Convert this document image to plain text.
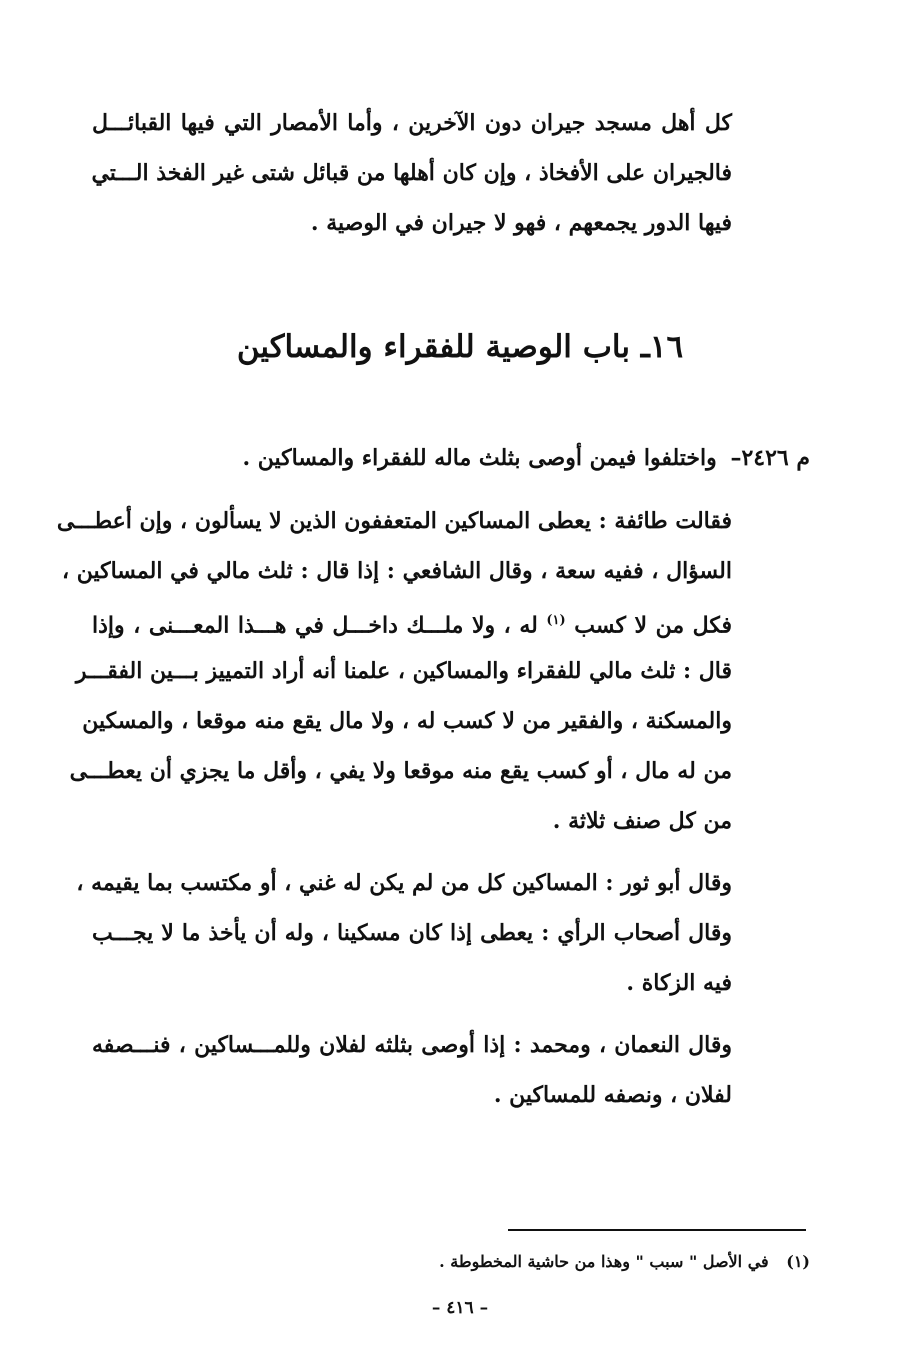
كل أهل مسجد جيران دون الآخرين ، وأما الأمصار التي فيها القبائـــل
فالجيران على الأفخاذ ، وإن كان أهلها من قبائل شتى غير الفخذ الـــتي
فيها الدور يجمعهم ، فهو لا جيران في الوصية .
١٦ـ باب الوصية للفقراء والمساكين
م ٢٤٢٦– واختلفوا فيمن أوصى بثلث ماله للفقراء والمساكين .
فقالت طائفة : يعطى المساكين المتعففون الذين لا يسألون ، وإن أعطـــى
السؤال ، ففيه سعة ، وقال الشافعي : إذا قال : ثلث مالي في المساكين ،
فكل من لا كسب $^{(١)}$ له ، ولا ملـــك داخـــل في هـــذا المعـــنى ، وإذا
قال : ثلث مالي للفقراء والمساكين ، علمنا أنه أراد التمييز بـــين الفقـــر
والمسكنة ، والفقير من لا كسب له ، ولا مال يقع منه موقعا ، والمسكين
من له مال ، أو كسب يقع منه موقعا ولا يفي ، وأقل ما يجزي أن يعطـــى
من كل صنف ثلاثة .
وقال أبو ثور : المساكين كل من لم يكن له غني ، أو مكتسب بما يقيمه ،
وقال أصحاب الرأي : يعطى إذا كان مسكينا ، وله أن يأخذ ما لا يجـــب
فيه الزكاة .
وقال النعمان ، ومحمد : إذا أوصى بثلثه لفلان وللمـــساكين ، فنـــصفه
لفلان ، ونصفه للمساكين .
(١) في الأصل " سبب " وهذا من حاشية المخطوطة .
– ٤١٦ –
